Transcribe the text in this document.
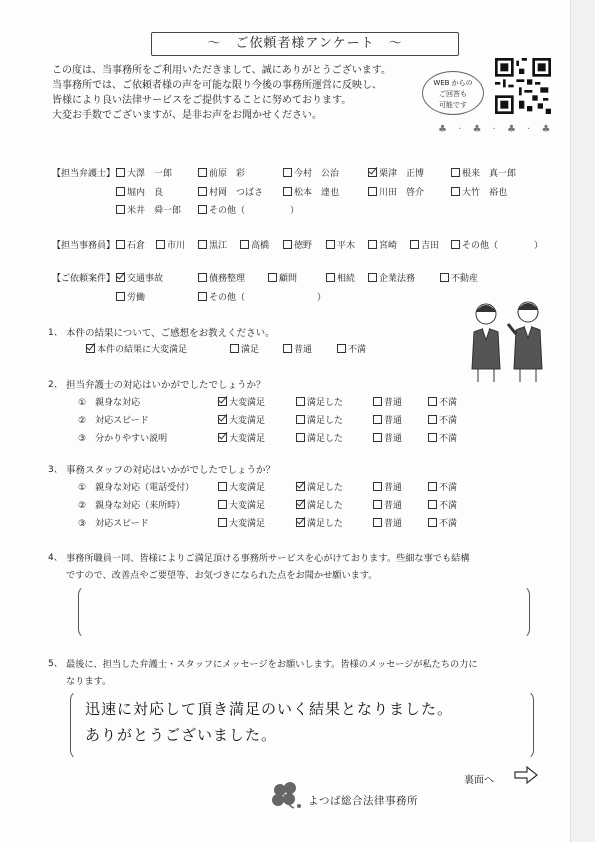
～　ご依頼者様アンケート　～
この度は、当事務所をご利用いただきまして、誠にありがとうございます。
当事務所では、ご依頼者様の声を可能な限り今後の事務所運営に反映し、
皆様により良い法律サービスをご提供することに努めております。
大変お手数でございますが、是非お声をお聞かせください。
WEB からの
ご回答も
可能です
♣ · ♣ · ♣ · ♣
【担当弁護士】	大澤　一郎	前原　彩	今村　公治	栗津　正博	根来　真一郎
堀内　良	村岡　つばさ	松本　達也	川田　啓介	大竹　裕也
米井　舜一郎	その他（　　　　　）
【担当事務員】	石倉	市川	黒江	高橋	徳野	平木	宮崎	吉田	その他（　　　　）
【ご依頼案件】	交通事故	債務整理	顧問	相続	企業法務	不動産
労働	その他（　　　　　　　　）
1、 本件の結果について、ご感想をお教えください。
本件の結果に大変満足	満足	普通	不満
2、 担当弁護士の対応はいかがでしたでしょうか？
①　親身な対応	大変満足	満足した	普通	不満
②　対応スピード	大変満足	満足した	普通	不満
③　分かりやすい説明	大変満足	満足した	普通	不満
3、 事務スタッフの対応はいかがでしたでしょうか？
①　親身な対応（電話受付）	大変満足	満足した	普通	不満
②　親身な対応（来所時）	大変満足	満足した	普通	不満
③　対応スピード	大変満足	満足した	普通	不満
4、 事務所職員一同、皆様によりご満足頂ける事務所サービスを心がけております。些細な事でも結構
ですので、改善点やご要望等、お気づきになられた点をお聞かせ願います。
5、 最後に、担当した弁護士・スタッフにメッセージをお願いします。皆様のメッセージが私たちの力に
なります。
迅速に対応して頂き満足のいく結果となりました。
ありがとうございました。
裏面へ
よつば総合法律事務所
